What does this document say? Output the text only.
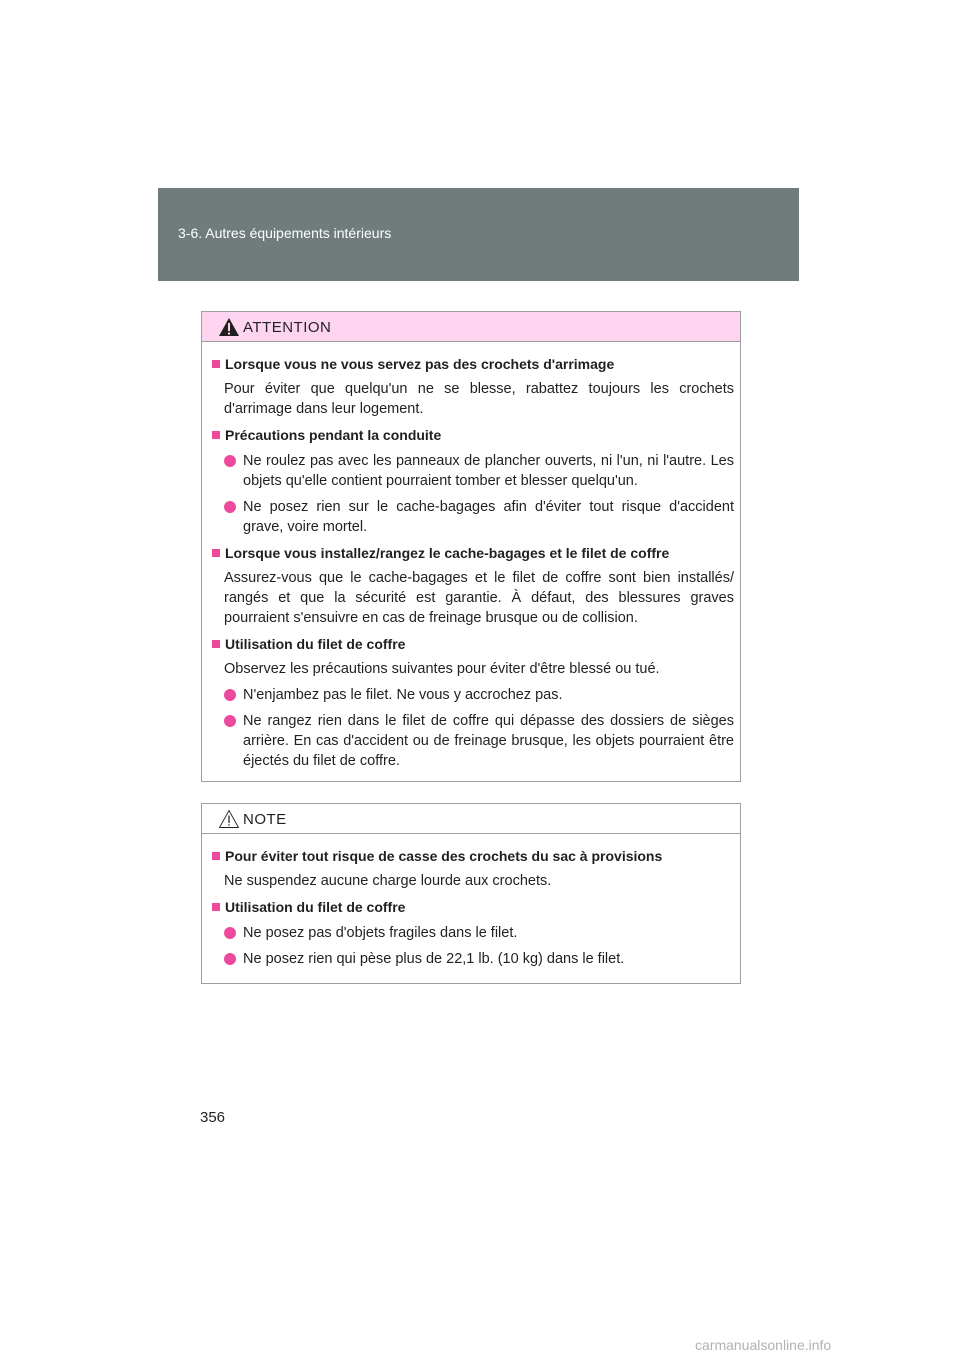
3-6. Autres équipements intérieurs
ATTENTION
Lorsque vous ne vous servez pas des crochets d'arrimage
Pour éviter que quelqu'un ne se blesse, rabattez toujours les crochets d'arrimage dans leur logement.
Précautions pendant la conduite
Ne roulez pas avec les panneaux de plancher ouverts, ni l'un, ni l'autre. Les objets qu'elle contient pourraient tomber et blesser quelqu'un.
Ne posez rien sur le cache-bagages afin d'éviter tout risque d'accident grave, voire mortel.
Lorsque vous installez/rangez le cache-bagages et le filet de coffre
Assurez-vous que le cache-bagages et le filet de coffre sont bien installés/ rangés et que la sécurité est garantie. À défaut, des blessures graves pourraient s'ensuivre en cas de freinage brusque ou de collision.
Utilisation du filet de coffre
Observez les précautions suivantes pour éviter d'être blessé ou tué.
N'enjambez pas le filet. Ne vous y accrochez pas.
Ne rangez rien dans le filet de coffre qui dépasse des dossiers de sièges arrière. En cas d'accident ou de freinage brusque, les objets pourraient être éjectés du filet de coffre.
NOTE
Pour éviter tout risque de casse des crochets du sac à provisions
Ne suspendez aucune charge lourde aux crochets.
Utilisation du filet de coffre
Ne posez pas d'objets fragiles dans le filet.
Ne posez rien qui pèse plus de 22,1 lb. (10 kg) dans le filet.
356
carmanualsonline.info
